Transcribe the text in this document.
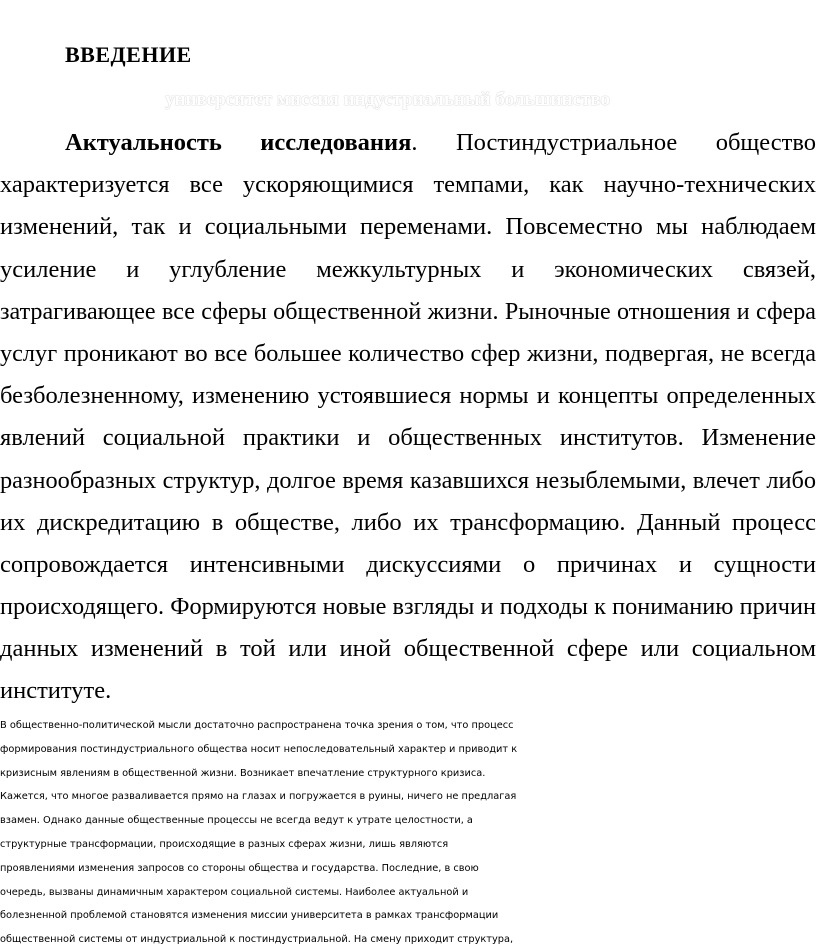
ВВЕДЕНИЕ
университет миссия индустриальный большинство
Актуальность исследования. Постиндустриальное общество
характеризуется все ускоряющимися темпами, как научно-технических
изменений, так и социальными переменами. Повсеместно мы наблюдаем
усиление и углубление межкультурных и экономических связей,
затрагивающее все сферы общественной жизни. Рыночные отношения и сфера
услуг проникают во все большее количество сфер жизни, подвергая, не всегда
безболезненному, изменению устоявшиеся нормы и концепты определенных
явлений социальной практики и общественных институтов. Изменение
разнообразных структур, долгое время казавшихся незыблемыми, влечет либо
их дискредитацию в обществе, либо их трансформацию. Данный процесс
сопровождается интенсивными дискуссиями о причинах и сущности
происходящего. Формируются новые взгляды и подходы к пониманию причин
данных изменений в той или иной общественной сфере или социальном
институте.
В общественно-политической мысли достаточно распространена точка зрения о том, что процесс
формирования постиндустриального общества носит непоследовательный характер и приводит к
кризисным явлениям в общественной жизни. Возникает впечатление структурного кризиса.
Кажется, что многое разваливается прямо на глазах и погружается в руины, ничего не предлагая
взамен. Однако данные общественные процессы не всегда ведут к утрате целостности, а
структурные трансформации, происходящие в разных сферах жизни, лишь являются
проявлениями изменения запросов со стороны общества и государства. Последние, в свою
очередь, вызваны динамичным характером социальной системы. Наиболее актуальной и
болезненной проблемой становятся изменения миссии университета в рамках трансформации
общественной системы от индустриальной к постиндустриальной. На смену приходит структура,
